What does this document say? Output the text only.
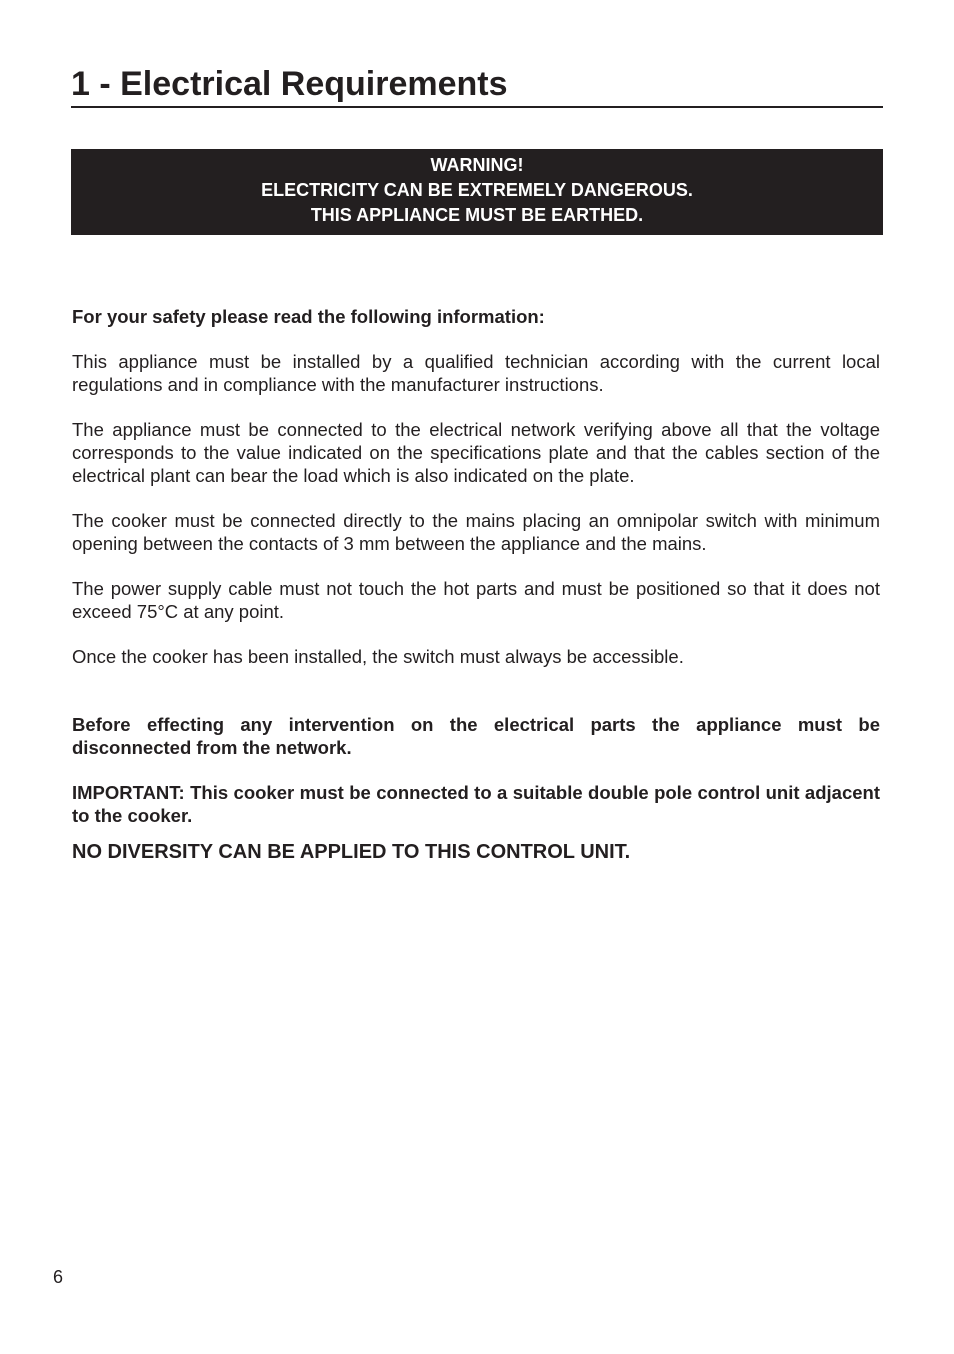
1 - Electrical Requirements
WARNING!
ELECTRICITY CAN BE EXTREMELY DANGEROUS.
THIS APPLIANCE MUST BE EARTHED.

For your safety please read the following information:

This appliance must be installed by a qualified technician according with the current local regulations and in compliance with the manufacturer instructions.

The appliance must be connected to the electrical network verifying above all that the voltage corresponds to the value indicated on the specifications plate and that the cables section of the electrical plant can bear the load which is also indicated on the plate.

The cooker must be connected directly to the mains placing an omnipolar switch with minimum opening between the contacts of 3 mm between the appliance and the mains.

The power supply cable must not touch the hot parts and must be positioned so that it does not exceed 75°C at any point.

Once the cooker has been installed, the switch must always be accessible.

Before effecting any intervention on the electrical parts the appliance must be disconnected from the network.

IMPORTANT: This cooker must be connected to a suitable double pole control unit adjacent to the cooker.

NO DIVERSITY CAN BE APPLIED TO THIS CONTROL UNIT.

6
